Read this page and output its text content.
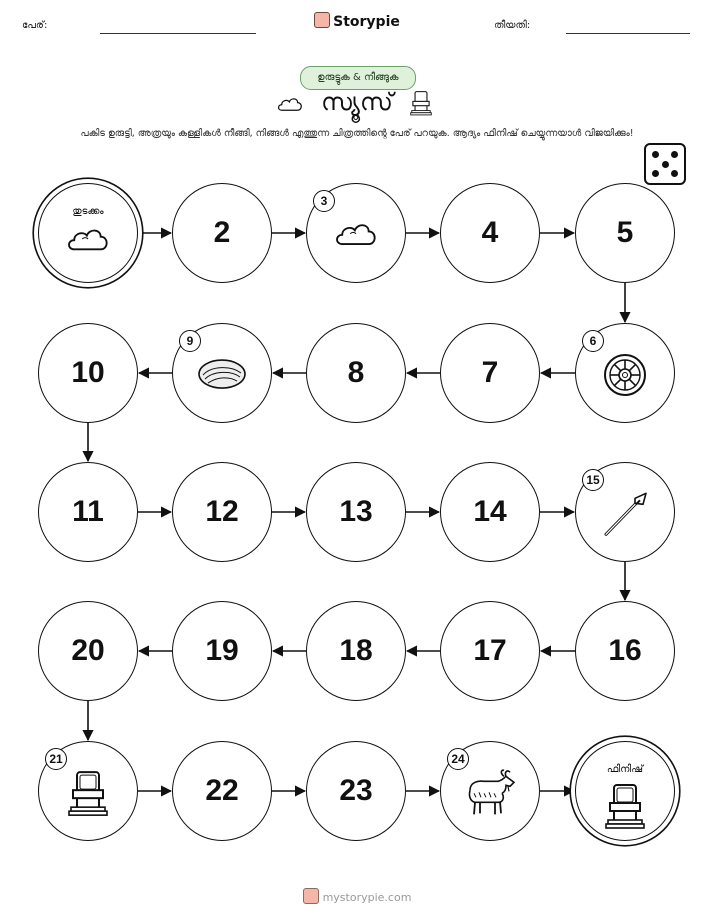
പേര്:	Storypie	തീയതി:
ഉരുട്ടുക & നീങ്ങുക
സ്യൂസ്
പകിട ഉരുട്ടി, അത്രയും കള്ളികൾ നീങ്ങി, നിങ്ങൾ എത്തുന്ന ചിത്രത്തിന്റെ പേര് പറയുക. ആദ്യം ഫിനിഷ് ചെയ്യുന്നയാൾ വിജയിക്കും!
തുടക്കം
2
3
4	5
6
7
8
9
10
11	12	13	14
15
16
17
18
19
20
21
22	23
24
ഫിനിഷ്
mystorypie.com
